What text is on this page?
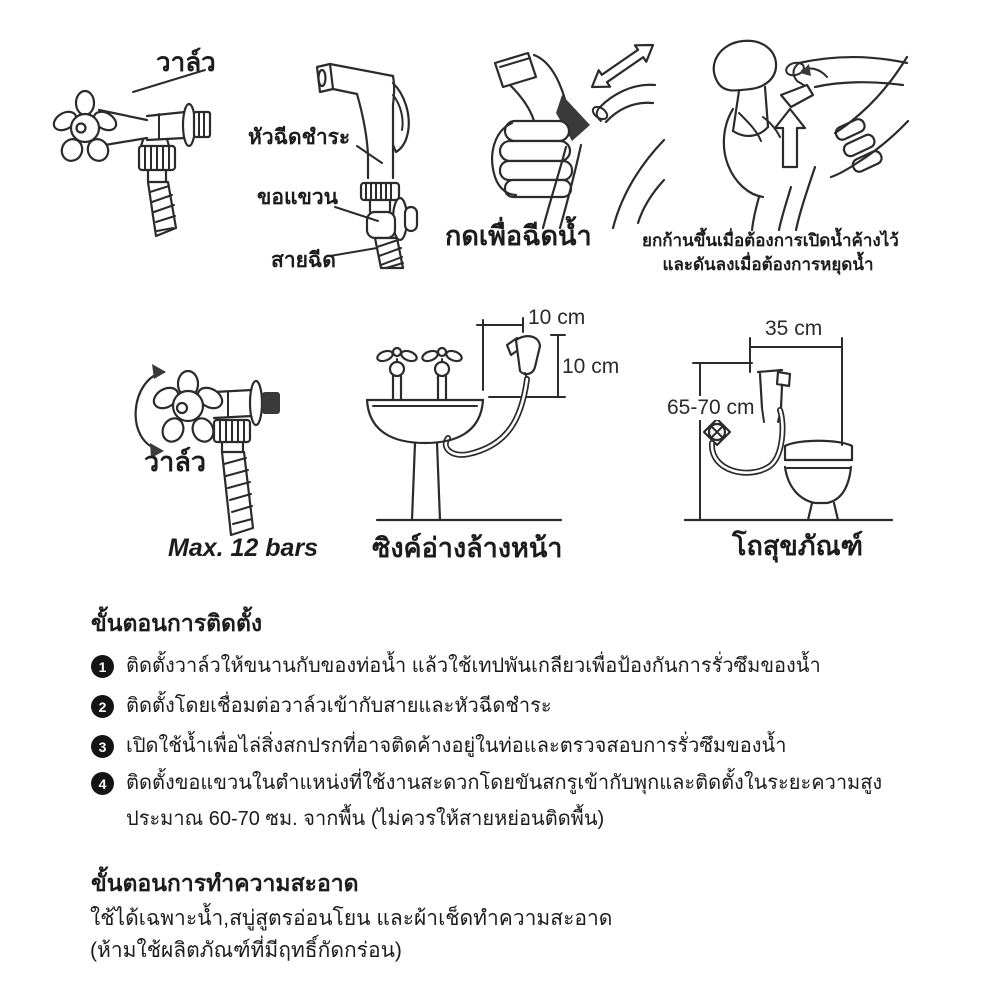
วาล์ว
หัวฉีดชำระ
ขอแขวน
สายฉีด
กดเพื่อฉีดน้ำ	ยกก้านขึ้นเมื่อต้องการเปิดน้ำค้างไว้
และดันลงเมื่อต้องการหยุดน้ำ
วาล์ว
Max. 12 bars
10 cm
10 cm
ซิงค์อ่างล้างหน้า
35 cm
65-70 cm
โถสุขภัณฑ์
ขั้นตอนการติดตั้ง
1 ติดตั้งวาล์วให้ขนานกับของท่อน้ำ แล้วใช้เทปพันเกลียวเพื่อป้องกันการรั่วซึมของน้ำ
2 ติดตั้งโดยเชื่อมต่อวาล์วเข้ากับสายและหัวฉีดชำระ
3 เปิดใช้น้ำเพื่อไล่สิ่งสกปรกที่อาจติดค้างอยู่ในท่อและตรวจสอบการรั่วซึมของน้ำ
4 ติดตั้งขอแขวนในตำแหน่งที่ใช้งานสะดวกโดยขันสกรูเข้ากับพุกและติดตั้งในระยะความสูง
ประมาณ 60-70 ซม. จากพื้น (ไม่ควรให้สายหย่อนติดพื้น)
ขั้นตอนการทำความสะอาด
ใช้ได้เฉพาะน้ำ,สบู่สูตรอ่อนโยน และผ้าเช็ดทำความสะอาด
(ห้ามใช้ผลิตภัณฑ์ที่มีฤทธิ์กัดกร่อน)
